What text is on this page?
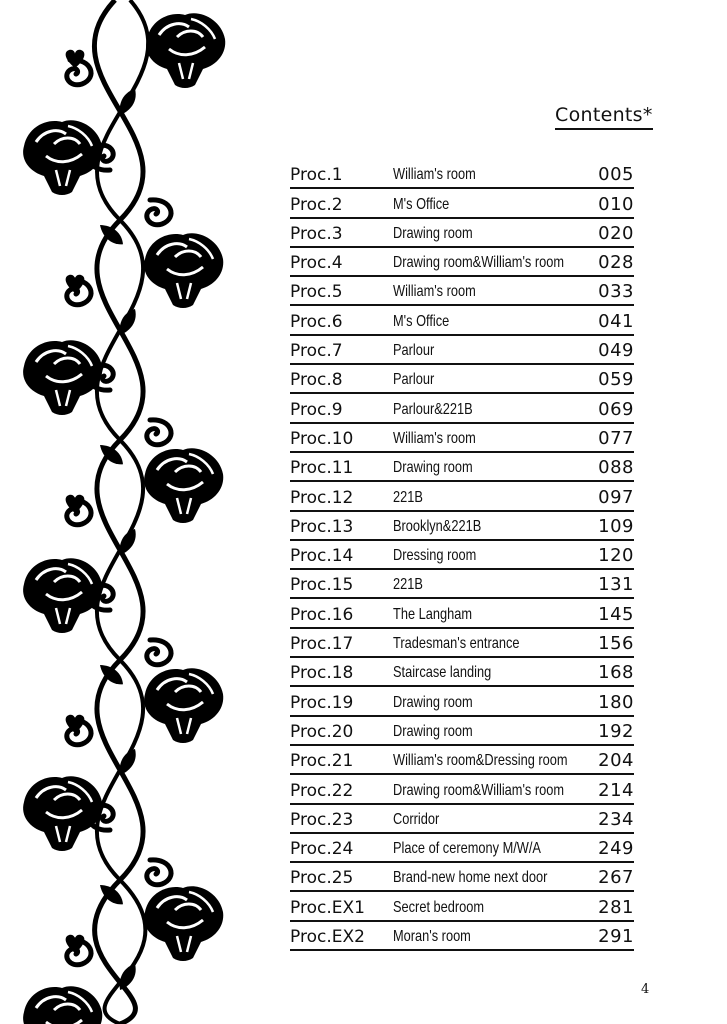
Contents*
Proc.1	William's room	005
Proc.2	M's Office	010
Proc.3	Drawing room	020
Proc.4	Drawing room&William's room 028
Proc.5	William's room	033
Proc.6	M's Office	041
Proc.7	Parlour	049
Proc.8	Parlour	059
Proc.9	Parlour&221B	069
Proc.10 William's room	077
Proc.11 Drawing room	088
Proc.12 221B	097
Proc.13 Brooklyn&221B	109
Proc.14 Dressing room	120
Proc.15 221B	131
Proc.16 The Langham	145
Proc.17 Tradesman's entrance	156
Proc.18 Staircase landing	168
Proc.19 Drawing room	180
Proc.20 Drawing room	192
Proc.21 William's room&Dressing room 204
Proc.22 Drawing room&William's room 214
Proc.23 Corridor	234
Proc.24 Place of ceremony M/W/A	249
Proc.25 Brand-new home next door	267
Proc.EX1 Secret bedroom	281
Proc.EX2 Moran's room	291
4
